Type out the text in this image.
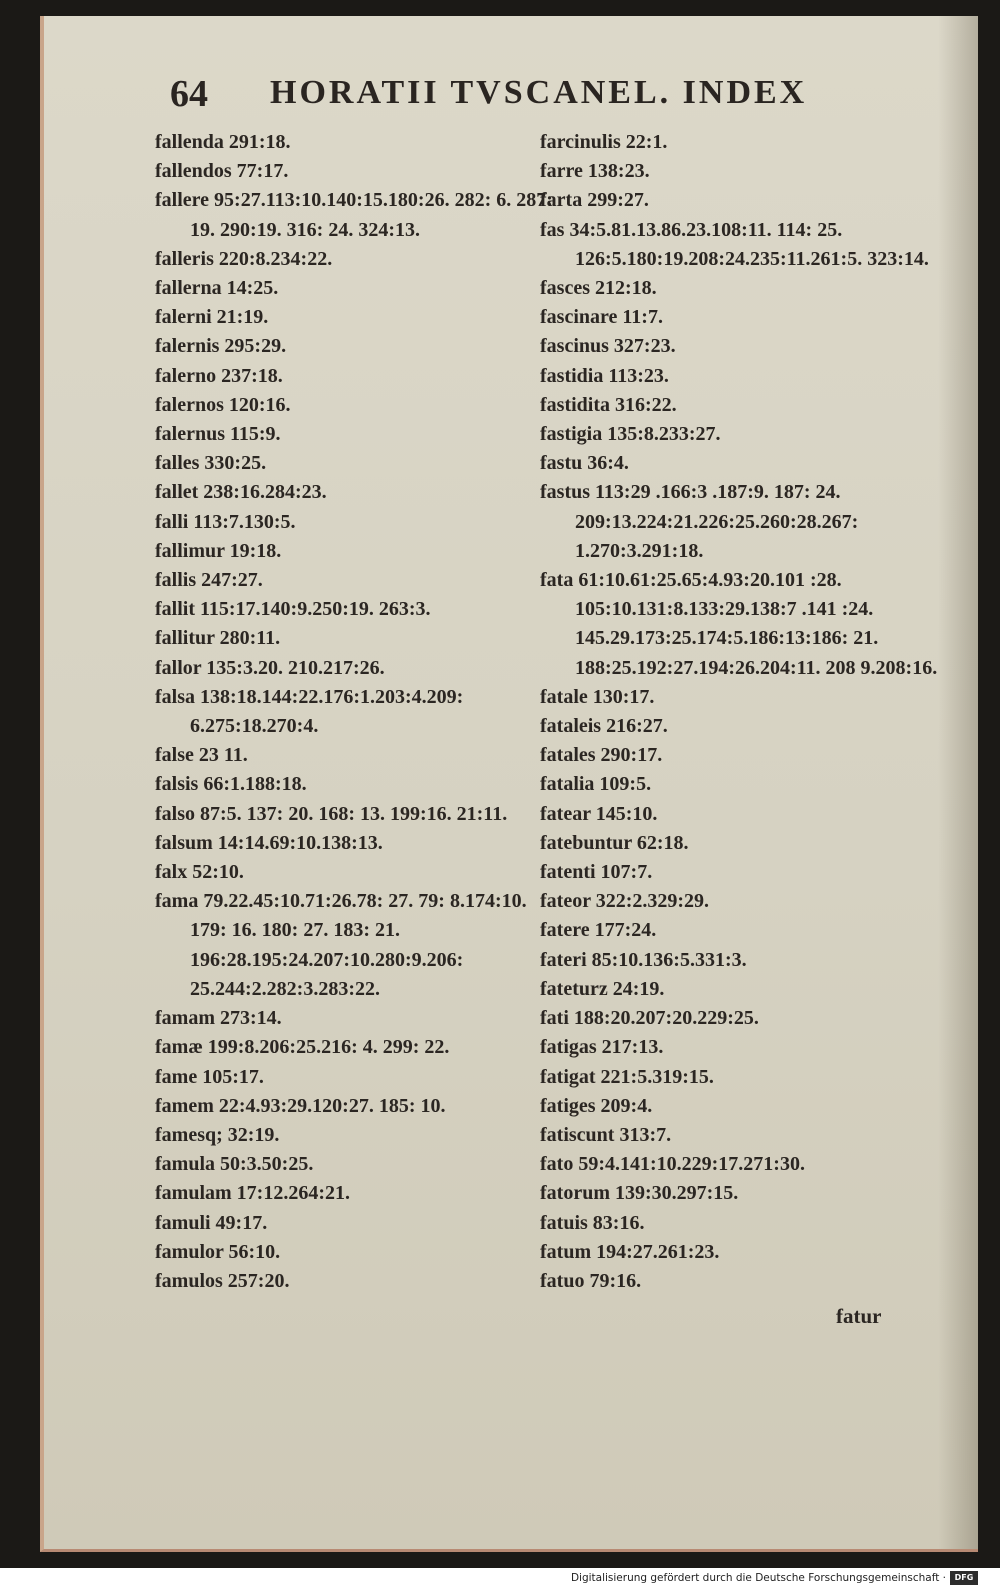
64 HORATII TVSCANEL. INDEX
fallenda 291:18.
fallendos 77:17.
fallere 95:27.113:10.140:15.180:26. 282: 6. 287: 19. 290:19. 316: 24. 324:13.
falleris 220:8.234:22.
fallerna 14:25.
falerni 21:19.
falernis 295:29.
falerno 237:18.
falernos 120:16.
falernus 115:9.
falles 330:25.
fallet 238:16.284:23.
falli 113:7.130:5.
fallimur 19:18.
fallis 247:27.
fallit 115:17.140:9.250:19. 263:3.
fallitur 280:11.
fallor 135:3.20. 210.217:26.
falsa 138:18.144:22.176:1.203:4.209: 6.275:18.270:4.
false 23 11.
falsis 66:1.188:18.
falso 87:5. 137: 20. 168: 13. 199:16. 21:11.
falsum 14:14.69:10.138:13.
falx 52:10.
fama 79.22.45:10.71:26.78: 27. 79: 8.174:10. 179: 16. 180: 27. 183: 21. 196:28.195:24.207:10.280:9.206: 25.244:2.282:3.283:22.
famam 273:14.
famæ 199:8.206:25.216: 4. 299: 22.
fame 105:17.
famem 22:4.93:29.120:27. 185: 10.
famesq; 32:19.
famula 50:3.50:25.
famulam 17:12.264:21.
famuli 49:17.
famulor 56:10.
famulos 257:20.
farcinulis 22:1.
farre 138:23.
farta 299:27.
fas 34:5.81.13.86.23.108:11. 114: 25. 126:5.180:19.208:24.235:11.261:5. 323:14.
fasces 212:18.
fascinare 11:7.
fascinus 327:23.
fastidia 113:23.
fastidita 316:22.
fastigia 135:8.233:27.
fastu 36:4.
fastus 113:29 .166:3 .187:9. 187: 24. 209:13.224:21.226:25.260:28.267: 1.270:3.291:18.
fata 61:10.61:25.65:4.93:20.101 :28. 105:10.131:8.133:29.138:7 .141 :24. 145.29.173:25.174:5.186:13:186: 21. 188:25.192:27.194:26.204:11. 208 9.208:16.
fatale 130:17.
fataleis 216:27.
fatales 290:17.
fatalia 109:5.
fatear 145:10.
fatebuntur 62:18.
fatenti 107:7.
fateor 322:2.329:29.
fatere 177:24.
fateri 85:10.136:5.331:3.
fateturz 24:19.
fati 188:20.207:20.229:25.
fatigas 217:13.
fatigat 221:5.319:15.
fatiges 209:4.
fatiscunt 313:7.
fato 59:4.141:10.229:17.271:30.
fatorum 139:30.297:15.
fatuis 83:16.
fatum 194:27.261:23.
fatuo 79:16.
fatur
Digitalisierung gefördert durch die Deutsche Forschungsgemeinschaft ·	DFG
